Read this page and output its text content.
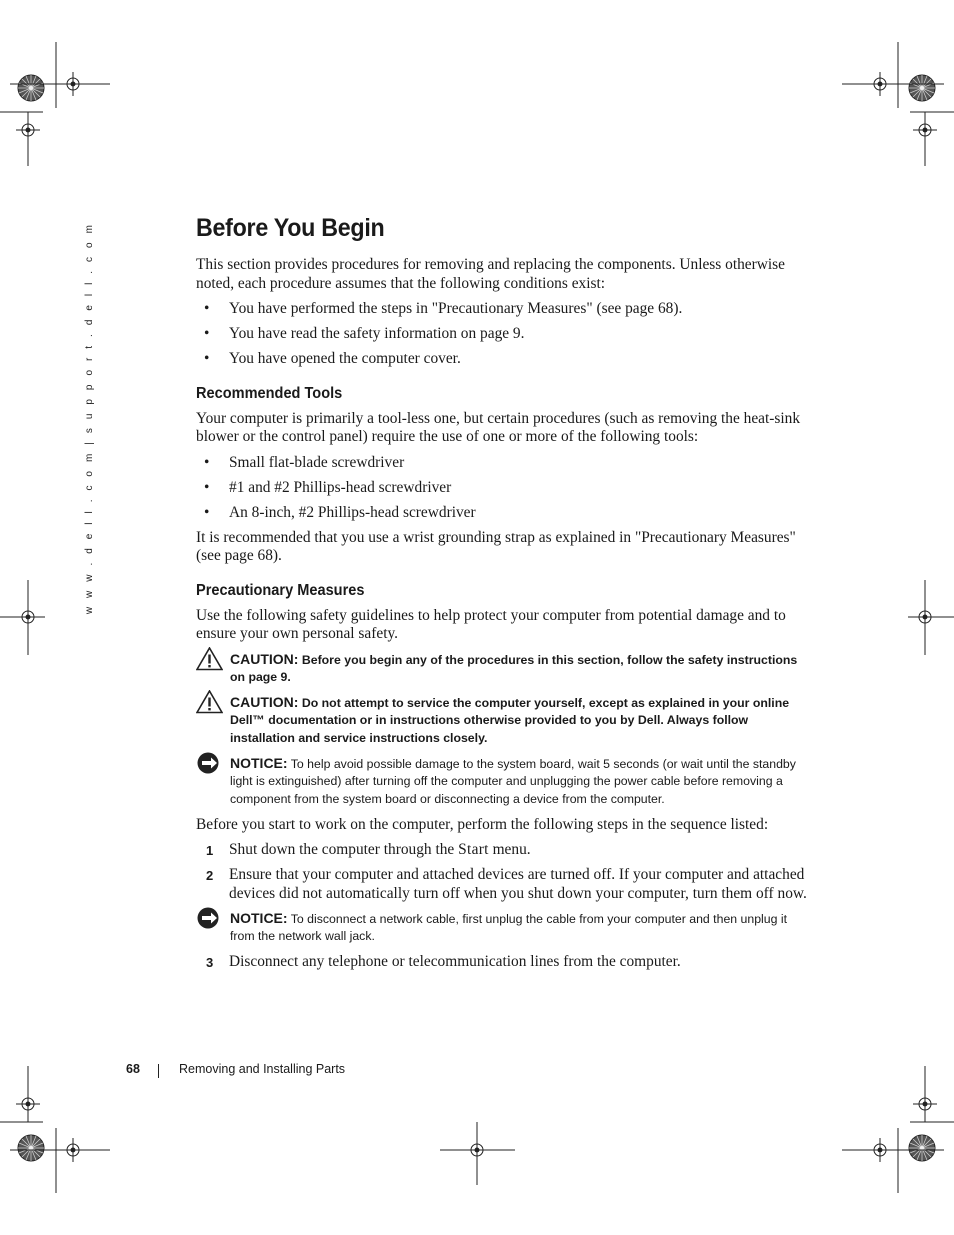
w w w . d e l l . c o m | s u p p o r t . d e l l . c o m	Before You Begin

This section provides procedures for removing and replacing the components. Unless otherwise noted, each procedure assumes that the following conditions exist:

• You have performed the steps in "Precautionary Measures" (see page 68).
• You have read the safety information on page 9.
• You have opened the computer cover.
Recommended Tools

Your computer is primarily a tool-less one, but certain procedures (such as removing the heat-sink blower or the control panel) require the use of one or more of the following tools:

• Small flat-blade screwdriver
• #1 and #2 Phillips-head screwdriver
• An 8-inch, #2 Phillips-head screwdriver

It is recommended that you use a wrist grounding strap as explained in "Precautionary Measures" (see page 68).

Precautionary Measures

Use the following safety guidelines to help protect your computer from potential damage and to ensure your own personal safety.

CAUTION: Before you begin any of the procedures in this section, follow the safety instructions on page 9.
CAUTION: Do not attempt to service the computer yourself, except as explained in your online Dell™ documentation or in instructions otherwise provided to you by Dell. Always follow installation and service instructions closely.
NOTICE: To help avoid possible damage to the system board, wait 5 seconds (or wait until the standby light is extinguished) after turning off the computer and unplugging the power cable before removing a component from the system board or disconnecting a device from the computer.

Before you start to work on the computer, perform the following steps in the sequence listed:

1 Shut down the computer through the Start menu.
2 Ensure that your computer and attached devices are turned off. If your computer and attached devices did not automatically turn off when you shut down your computer, turn them off now.
NOTICE: To disconnect a network cable, first unplug the cable from your computer and then unplug it from the network wall jack.
3 Disconnect any telephone or telecommunication lines from the computer.
68	Removing and Installing Parts
